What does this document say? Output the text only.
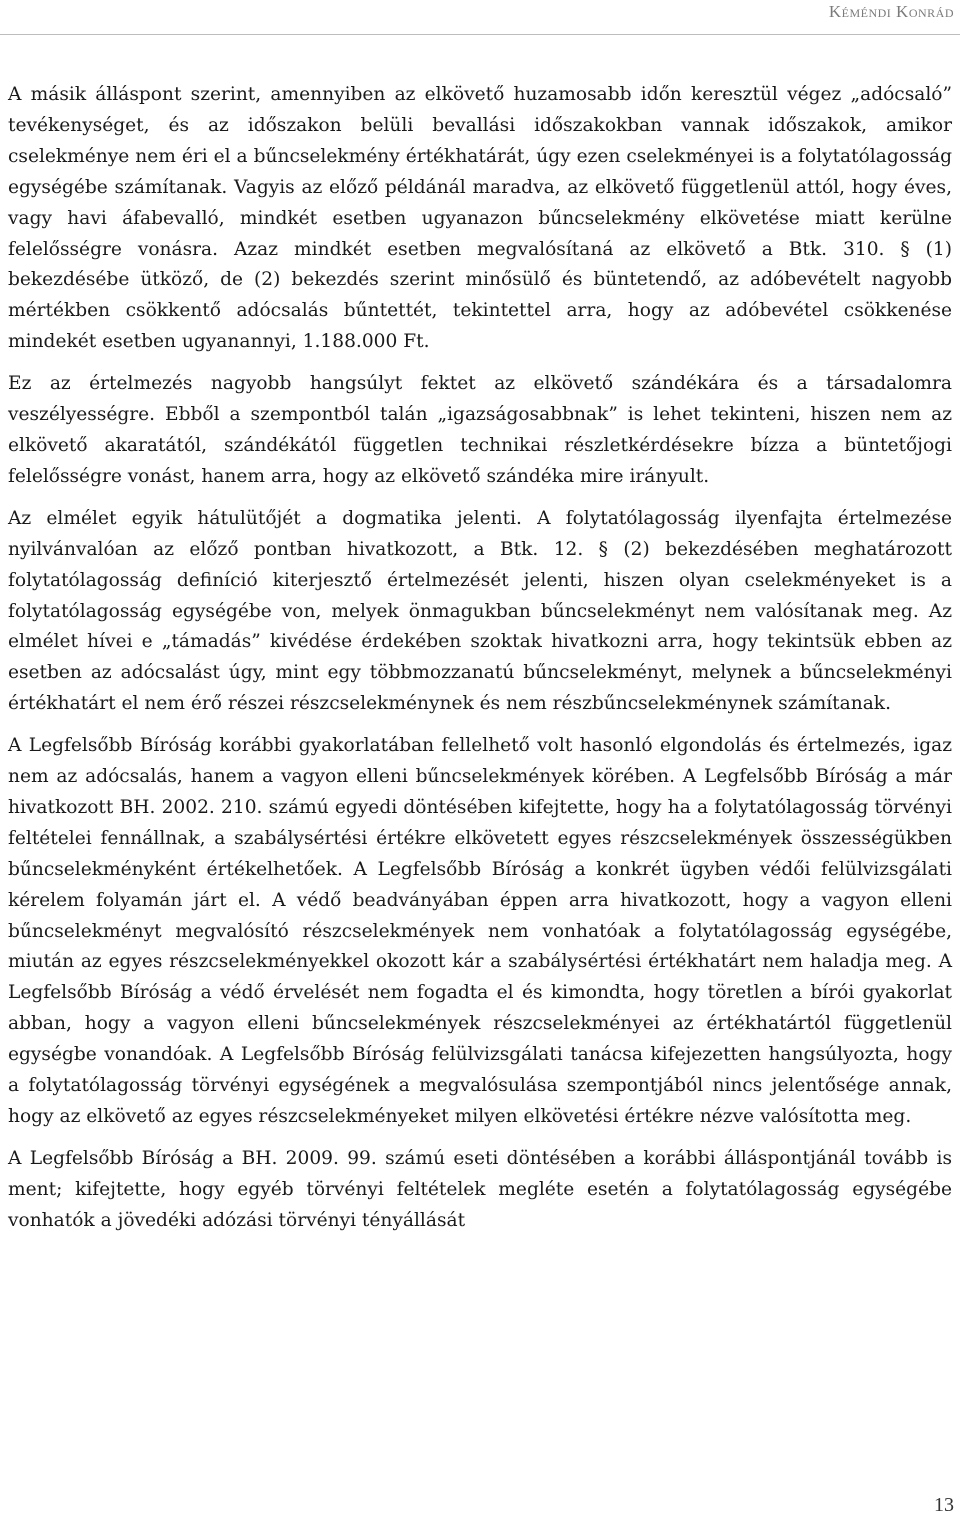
Kéméndi Konrád

A másik álláspont szerint, amennyiben az elkövető huzamosabb időn keresztül végez „adócsaló” tevékenységet, és az időszakon belüli bevallási időszakokban vannak időszakok, amikor cselekménye nem éri el a bűncselekmény értékhatárát, úgy ezen cselekményei is a folytatólagosság egységébe számítanak. Vagyis az előző példánál maradva, az elkövető függetlenül attól, hogy éves, vagy havi áfabevalló, mindkét esetben ugyanazon bűncselekmény elkövetése miatt kerülne felelősségre vonásra. Azaz mindkét esetben megvalósítaná az elkövető a Btk. 310. § (1) bekezdésébe ütköző, de (2) bekezdés szerint minősülő és büntetendő, az adóbevételt nagyobb mértékben csökkentő adócsalás bűntettét, tekintettel arra, hogy az adóbevétel csökkenése mindekét esetben ugyanannyi, 1.188.000 Ft.

Ez az értelmezés nagyobb hangsúlyt fektet az elkövető szándékára és a társadalomra veszélyességre. Ebből a szempontból talán „igazságosabbnak” is lehet tekinteni, hiszen nem az elkövető akaratától, szándékától független technikai részletkérdésekre bízza a büntetőjogi felelősségre vonást, hanem arra, hogy az elkövető szándéka mire irányult.

Az elmélet egyik hátulütőjét a dogmatika jelenti. A folytatólagosság ilyenfajta értelmezése nyilvánvalóan az előző pontban hivatkozott, a Btk. 12. § (2) bekezdésében meghatározott folytatólagosság definíció kiterjesztő értelmezését jelenti, hiszen olyan cselekményeket is a folytatólagosság egységébe von, melyek önmagukban bűncselekményt nem valósítanak meg. Az elmélet hívei e „támadás” kivédése érdekében szoktak hivatkozni arra, hogy tekintsük ebben az esetben az adócsalást úgy, mint egy többmozzanatú bűncselekményt, melynek a bűncselekményi értékhatárt el nem érő részei részcselekménynek és nem részbűncselekménynek számítanak.

A Legfelsőbb Bíróság korábbi gyakorlatában fellelhető volt hasonló elgondolás és értelmezés, igaz nem az adócsalás, hanem a vagyon elleni bűncselekmények körében. A Legfelsőbb Bíróság a már hivatkozott BH. 2002. 210. számú egyedi döntésében kifejtette, hogy ha a folytatólagosság törvényi feltételei fennállnak, a szabálysértési értékre elkövetett egyes részcselekmények összességükben bűncselekményként értékelhetőek. A Legfelsőbb Bíróság a konkrét ügyben védői felülvizsgálati kérelem folyamán járt el. A védő beadványában éppen arra hivatkozott, hogy a vagyon elleni bűncselekményt megvalósító részcselekmények nem vonhatóak a folytatólagosság egységébe, miután az egyes részcselekményekkel okozott kár a szabálysértési értékhatárt nem haladja meg. A Legfelsőbb Bíróság a védő érvelését nem fogadta el és kimondta, hogy töretlen a bírói gyakorlat abban, hogy a vagyon elleni bűncselekmények részcselekményei az értékhatártól függetlenül egységbe vonandóak. A Legfelsőbb Bíróság felülvizsgálati tanácsa kifejezetten hangsúlyozta, hogy a folytatólagosság törvényi egységének a megvalósulása szempontjából nincs jelentősége annak, hogy az elkövető az egyes részcselekményeket milyen elkövetési értékre nézve valósította meg.

A Legfelsőbb Bíróság a BH. 2009. 99. számú eseti döntésében a korábbi álláspontjánál tovább is ment; kifejtette, hogy egyéb törvényi feltételek megléte esetén a folytatólagosság egységébe vonhatók a jövedéki adózási törvényi tényállását

13
